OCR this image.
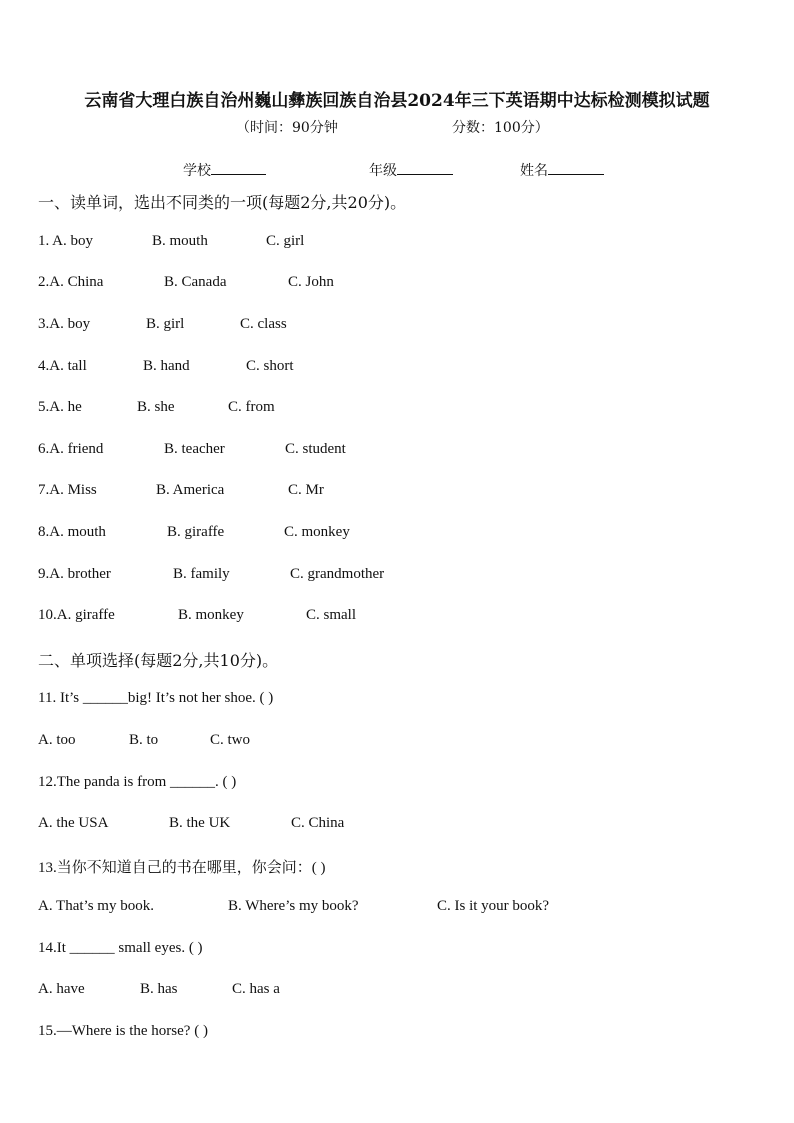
云南省大理白族自治州巍山彝族回族自治县2024年三下英语期中达标检测模拟试题
（时间：90分钟	分数：100分）
学校	年级	姓名
一、读单词，选出不同类的一项(每题2分,共20分)。
1. A. boy	B. mouth	C. girl
2.A. China	B. Canada	C. John
3.A. boy	B. girl	C. class
4.A. tall	B. hand	C. short
5.A. he	B. she	C. from
6.A. friend	B. teacher	C. student
7.A. Miss	B. America	C. Mr
8.A. mouth	B. giraffe	C. monkey
9.A. brother	B. family	C. grandmother
10.A. giraffe	B. monkey	C. small
二、单项选择(每题2分,共10分)。
11. It’s ______big! It’s not her shoe. ( )
A. too	B. to	C. two
12.The panda is from ______. ( )
A. the USA	B. the UK	C. China
13.当你不知道自己的书在哪里，你会问：( )
A. That’s my book.	B. Where’s my book?	C. Is it your book?
14.It ______ small eyes. ( )
A. have	B. has	C. has a
15.—Where is the horse? ( )
